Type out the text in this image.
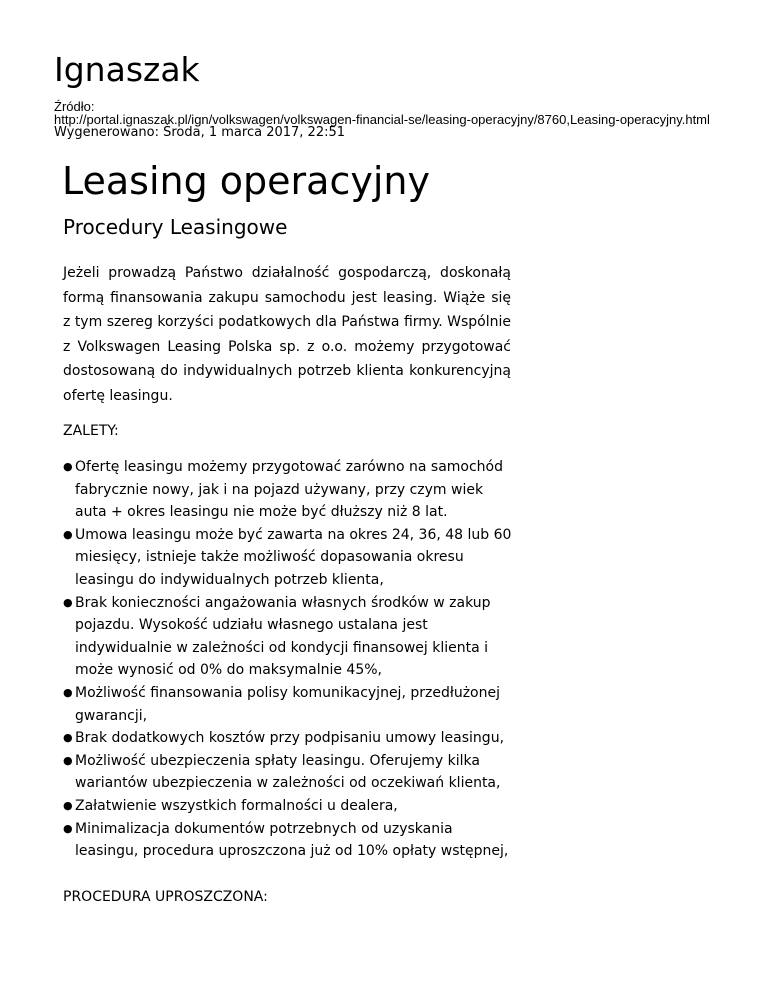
Ignaszak
Źródło:
http://portal.ignaszak.pl/ign/volkswagen/volkswagen-financial-se/leasing-operacyjny/8760,Leasing-operacyjny.html
Wygenerowano: Środa, 1 marca 2017, 22:51
Leasing operacyjny
Procedury Leasingowe

Jeżeli prowadzą Państwo działalność gospodarczą, doskonałą formą finansowania zakupu samochodu jest leasing. Wiąże się z tym szereg korzyści podatkowych dla Państwa firmy. Wspólnie z Volkswagen Leasing Polska sp. z o.o. możemy przygotować dostosowaną do indywidualnych potrzeb klienta konkurencyjną ofertę leasingu.

ZALETY:

● Ofertę leasingu możemy przygotować zarówno na samochód fabrycznie nowy, jak i na pojazd używany, przy czym wiek auta + okres leasingu nie może być dłuższy niż 8 lat.
● Umowa leasingu może być zawarta na okres 24, 36, 48 lub 60 miesięcy, istnieje także możliwość dopasowania okresu leasingu do indywidualnych potrzeb klienta,
● Brak konieczności angażowania własnych środków w zakup pojazdu. Wysokość udziału własnego ustalana jest indywidualnie w zależności od kondycji finansowej klienta i może wynosić od 0% do maksymalnie 45%,
● Możliwość finansowania polisy komunikacyjnej, przedłużonej gwarancji,
● Brak dodatkowych kosztów przy podpisaniu umowy leasingu,
● Możliwość ubezpieczenia spłaty leasingu. Oferujemy kilka wariantów ubezpieczenia w zależności od oczekiwań klienta,
● Załatwienie wszystkich formalności u dealera,
● Minimalizacja dokumentów potrzebnych od uzyskania leasingu, procedura uproszczona już od 10% opłaty wstępnej,

PROCEDURA UPROSZCZONA:
